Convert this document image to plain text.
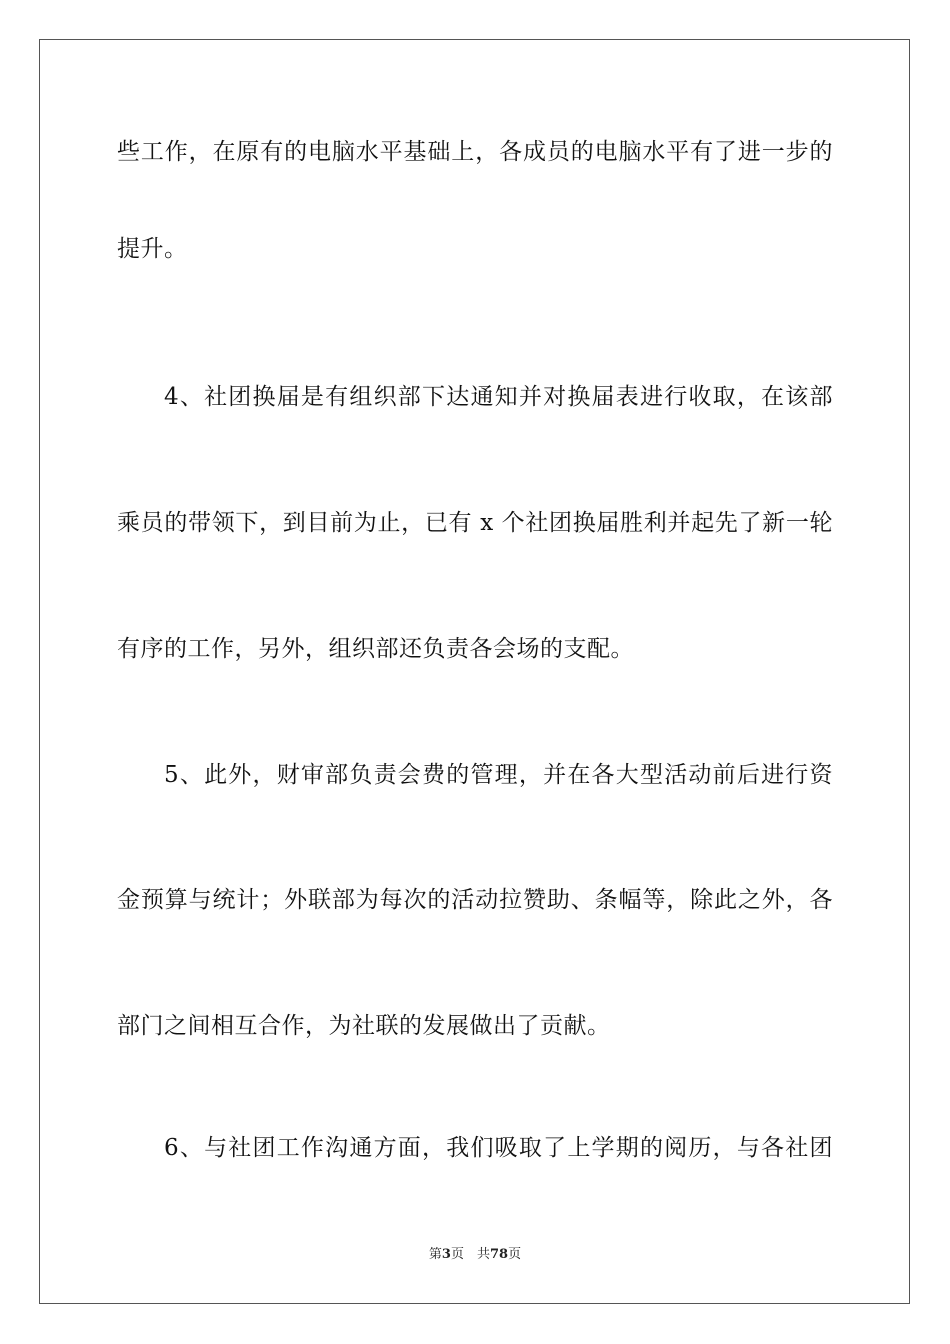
些工作，在原有的电脑水平基础上，各成员的电脑水平有了进一步的
提升。
4、社团换届是有组织部下达通知并对换届表进行收取，在该部
乘员的带领下，到目前为止，已有 x 个社团换届胜利并起先了新一轮
有序的工作，另外，组织部还负责各会场的支配。
5、此外，财审部负责会费的管理，并在各大型活动前后进行资
金预算与统计；外联部为每次的活动拉赞助、条幅等，除此之外，各
部门之间相互合作，为社联的发展做出了贡献。
6、与社团工作沟通方面，我们吸取了上学期的阅历，与各社团
第3页  共78页
